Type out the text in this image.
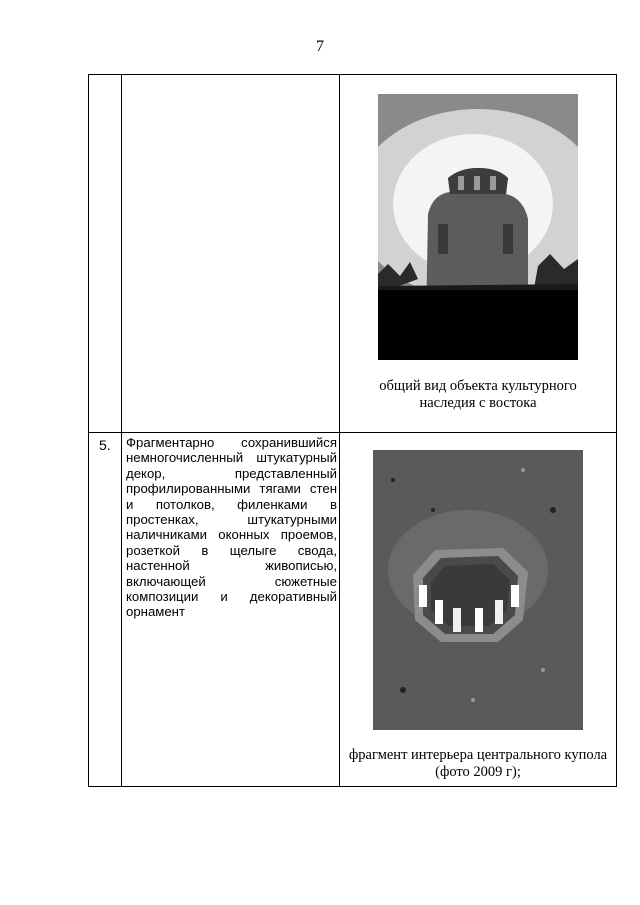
7

		общий вид объекта культурного
наследия с востока

5.	Фрагментарно сохранившийся немногочисленный штукатурный декор, представленный профилированными тягами стен и потолков, филенками в простенках, штукатурными наличниками оконных проемов, розеткой в щелыге свода, настенной живописью, включающей сюжетные композиции и декоративный орнамент	фрагмент интерьера центрального купола
(фото 2009 г);
